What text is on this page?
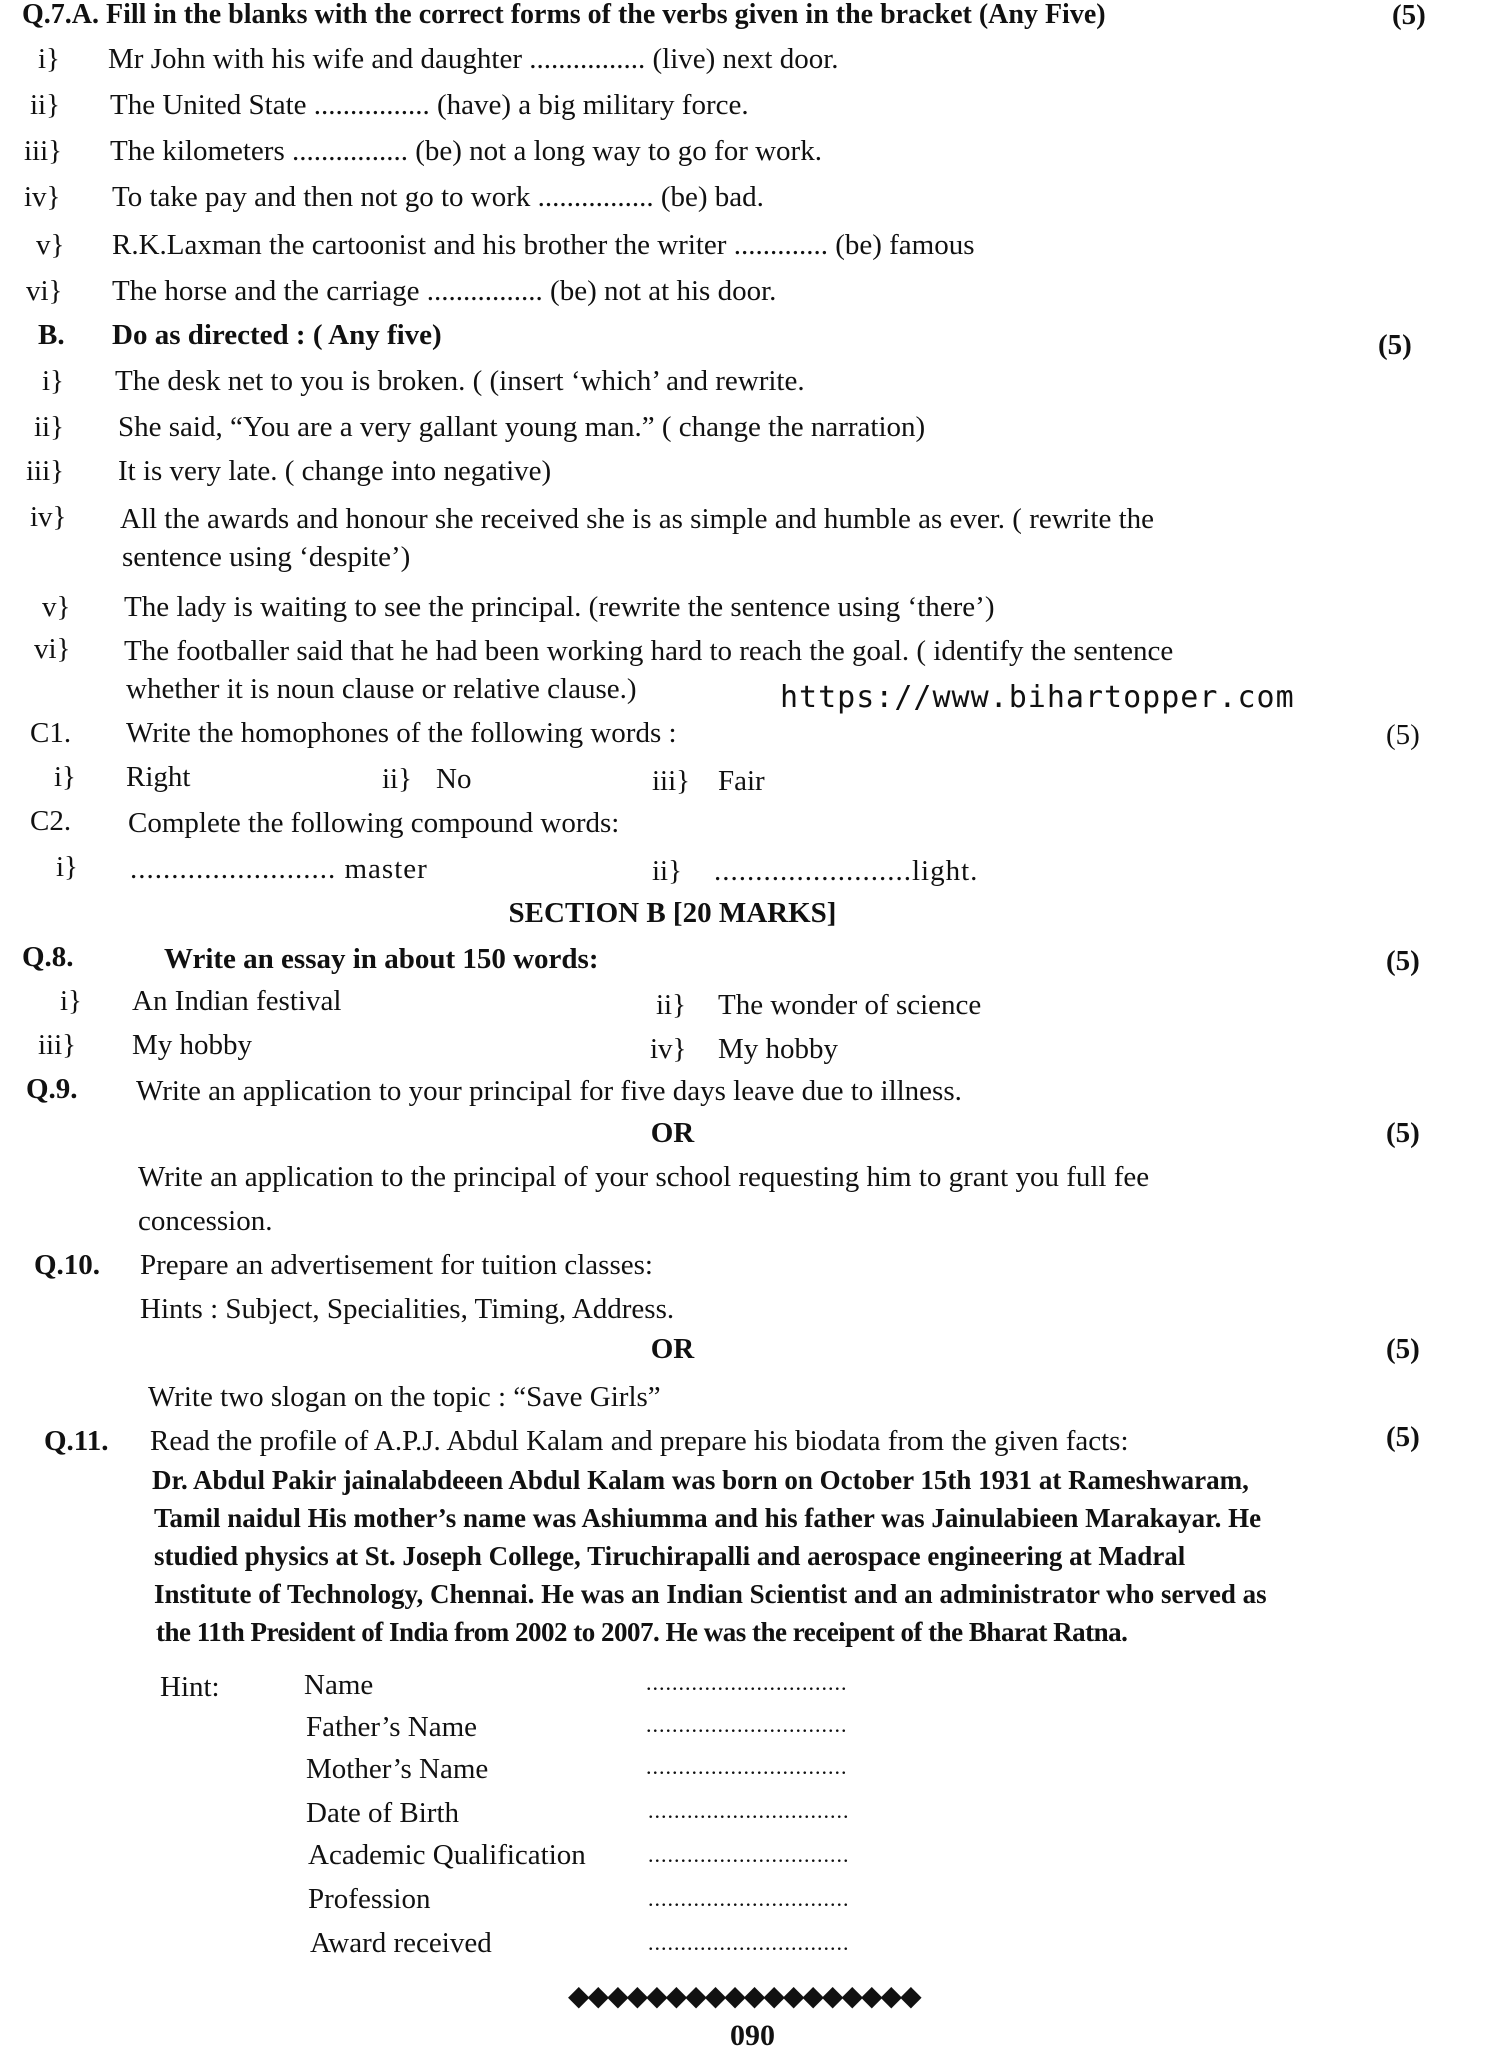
Q.7.A. Fill in the blanks with the correct forms of the verbs given in the bracket (Any Five)	(5)
i} Mr John with his wife and daughter ................ (live) next door.
ii} The United State ................ (have) a big military force.
iii} The kilometers ................ (be) not a long way to go for work.
iv} To take pay and then not go to work ................ (be) bad.
v} R.K.Laxman the cartoonist and his brother the writer ............. (be) famous
vi} The horse and the carriage ................ (be) not at his door.
B. Do as directed : ( Any five)	(5)
i} The desk net to you is broken. ( (insert ‘which’ and rewrite.
ii} She said, “You are a very gallant young man.” ( change the narration)
iii} It is very late. ( change into negative)
iv} All the awards and honour she received she is as simple and humble as ever. ( rewrite the
sentence using ‘despite’)
v} The lady is waiting to see the principal. (rewrite the sentence using ‘there’)
vi} The footballer said that he had been working hard to reach the goal. ( identify the sentence
whether it is noun clause or relative clause.)	https://www.bihartopper.com
C1. Write the homophones of the following words :	(5)
i} Right	ii} No	iii} Fair
C2. Complete the following compound words:
i} ......................... master	ii} ........................light.
SECTION B [20 MARKS]
Q.8.	Write an essay in about 150 words:	(5)
i} An Indian festival	ii} The wonder of science
iii} My hobby	iv} My hobby
Q.9. Write an application to your principal for five days leave due to illness.
OR	(5)
Write an application to the principal of your school requesting him to grant you full fee
concession.
Q.10. Prepare an advertisement for tuition classes:
Hints : Subject, Specialities, Timing, Address.
OR	(5)
Write two slogan on the topic : “Save Girls”
Q.11. Read the profile of A.P.J. Abdul Kalam and prepare his biodata from the given facts:	(5)
Dr. Abdul Pakir jainalabdeeen Abdul Kalam was born on October 15th 1931 at Rameshwaram,
Tamil naidul His mother’s name was Ashiumma and his father was Jainulabieen Marakayar. He
studied physics at St. Joseph College, Tiruchirapalli and aerospace engineering at Madral
Institute of Technology, Chennai. He was an Indian Scientist and an administrator who served as
the 11th President of India from 2002 to 2007. He was the receipent of the Bharat Ratna.
Hint:	Name	...............................
Father’s Name	...............................
Mother’s Name	...............................
Date of Birth	...............................
Academic Qualification	...............................
Profession	...............................
Award received	...............................
◆◆◆◆◆◆◆◆◆◆◆◆◆◆◆◆◆◆
090
